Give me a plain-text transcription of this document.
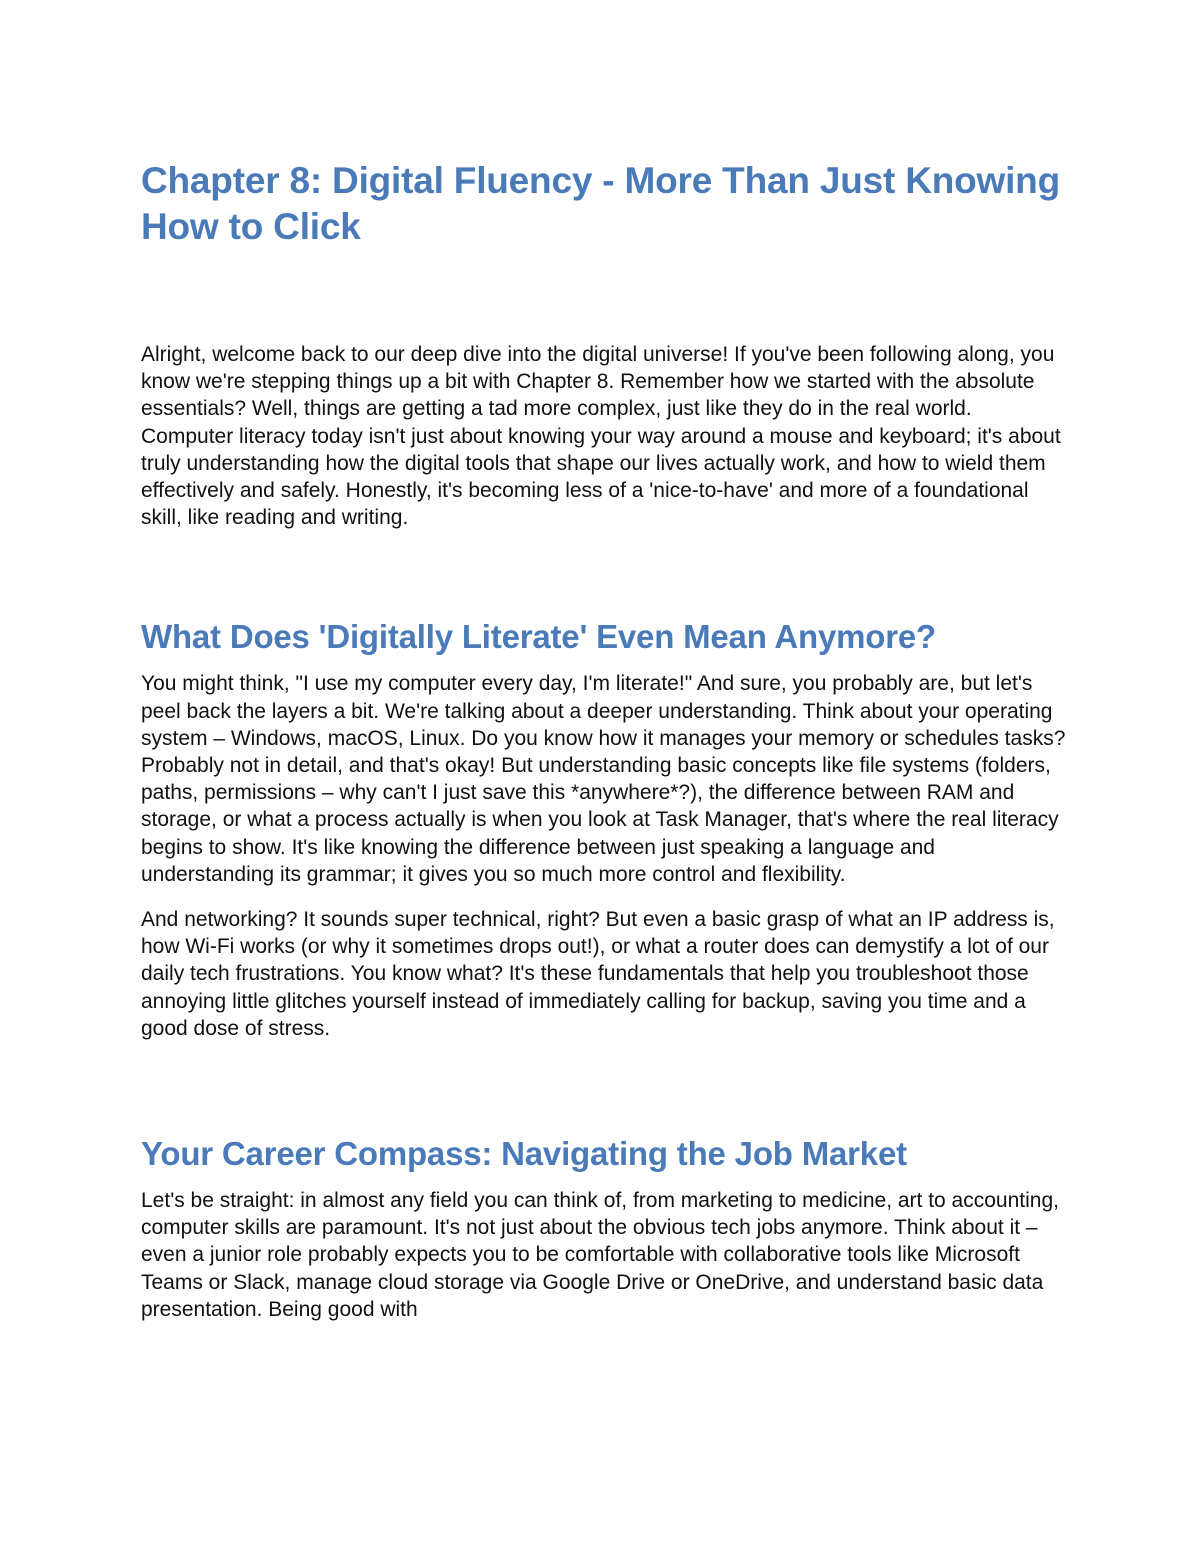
Chapter 8: Digital Fluency - More Than Just Knowing How to Click

Alright, welcome back to our deep dive into the digital universe! If you've been following along, you know we're stepping things up a bit with Chapter 8. Remember how we started with the absolute essentials? Well, things are getting a tad more complex, just like they do in the real world. Computer literacy today isn't just about knowing your way around a mouse and keyboard; it's about truly understanding how the digital tools that shape our lives actually work, and how to wield them effectively and safely. Honestly, it's becoming less of a 'nice-to-have' and more of a foundational skill, like reading and writing.

What Does 'Digitally Literate' Even Mean Anymore?

You might think, "I use my computer every day, I'm literate!" And sure, you probably are, but let's peel back the layers a bit. We're talking about a deeper understanding. Think about your operating system – Windows, macOS, Linux. Do you know how it manages your memory or schedules tasks? Probably not in detail, and that's okay! But understanding basic concepts like file systems (folders, paths, permissions – why can't I just save this *anywhere*?), the difference between RAM and storage, or what a process actually is when you look at Task Manager, that's where the real literacy begins to show. It's like knowing the difference between just speaking a language and understanding its grammar; it gives you so much more control and flexibility.

And networking? It sounds super technical, right? But even a basic grasp of what an IP address is, how Wi-Fi works (or why it sometimes drops out!), or what a router does can demystify a lot of our daily tech frustrations. You know what? It's these fundamentals that help you troubleshoot those annoying little glitches yourself instead of immediately calling for backup, saving you time and a good dose of stress.

Your Career Compass: Navigating the Job Market

Let's be straight: in almost any field you can think of, from marketing to medicine, art to accounting, computer skills are paramount. It's not just about the obvious tech jobs anymore. Think about it – even a junior role probably expects you to be comfortable with collaborative tools like Microsoft Teams or Slack, manage cloud storage via Google Drive or OneDrive, and understand basic data presentation. Being good with
